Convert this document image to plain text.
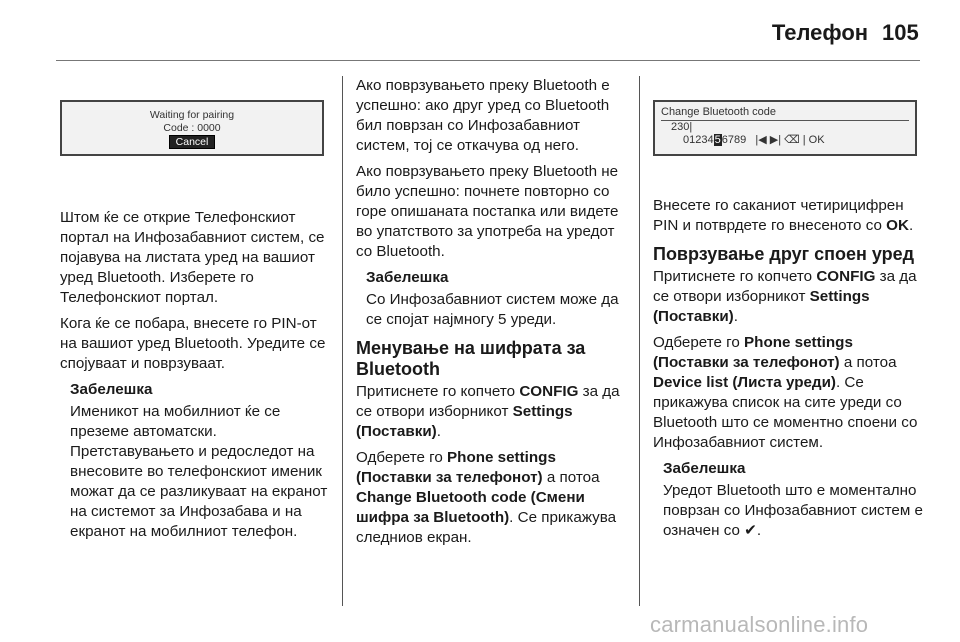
Телефон 105
Waiting for pairing
Code : 0000
Cancel

Штом ќе се открие Телефонскиот портал на Инфозабавниот систем, се појавува на листата уред на вашиот уред Bluetooth. Изберете го Телефонскиот портал.

Кога ќе се побара, внесете го PIN-от на вашиот уред Bluetooth. Уредите се спојуваат и поврзуваат.

Забелешка

Именикот на мобилниот ќе се преземе автоматски. Претставувањето и редоследот на внесовите во телефонскиот именик можат да се разликуваат на екранот на системот за Инфозабава и на екранот на мобилниот телефон.

Ако поврзувањето преку Bluetooth е успешно: ако друг уред со Bluetooth бил поврзан со Инфозабавниот систем, тој се откачува од него.

Ако поврзувањето преку Bluetooth не било успешно: почнете повторно со горе опишаната постапка или видете во упатството за употреба на уредот со Bluetooth.

Забелешка

Со Инфозабавниот систем може да се спојат најмногу 5 уреди.

Менување на шифрата за Bluetooth

Притиснете го копчето CONFIG за да се отвори изборникот Settings (Поставки).

Одберете го Phone settings (Поставки за телефонот) а потоа Change Bluetooth code (Смени шифра за Bluetooth). Се прикажува следниов екран.

Change Bluetooth code
230|
0123456789 |◀ ▶| ⌫ | OK

Внесете го саканиот четирицифрен PIN и потврдете го внесеното со OK.

Поврзување друг споен уред

Притиснете го копчето CONFIG за да се отвори изборникот Settings (Поставки).

Одберете го Phone settings (Поставки за телефонот) а потоа Device list (Листа уреди). Се прикажува список на сите уреди со Bluetooth што се моментно споени со Инфозабавниот систем.

Забелешка

Уредот Bluetooth што е моментално поврзан со Инфозабавниот систем е означен со ✔.

carmanualsonline.info
